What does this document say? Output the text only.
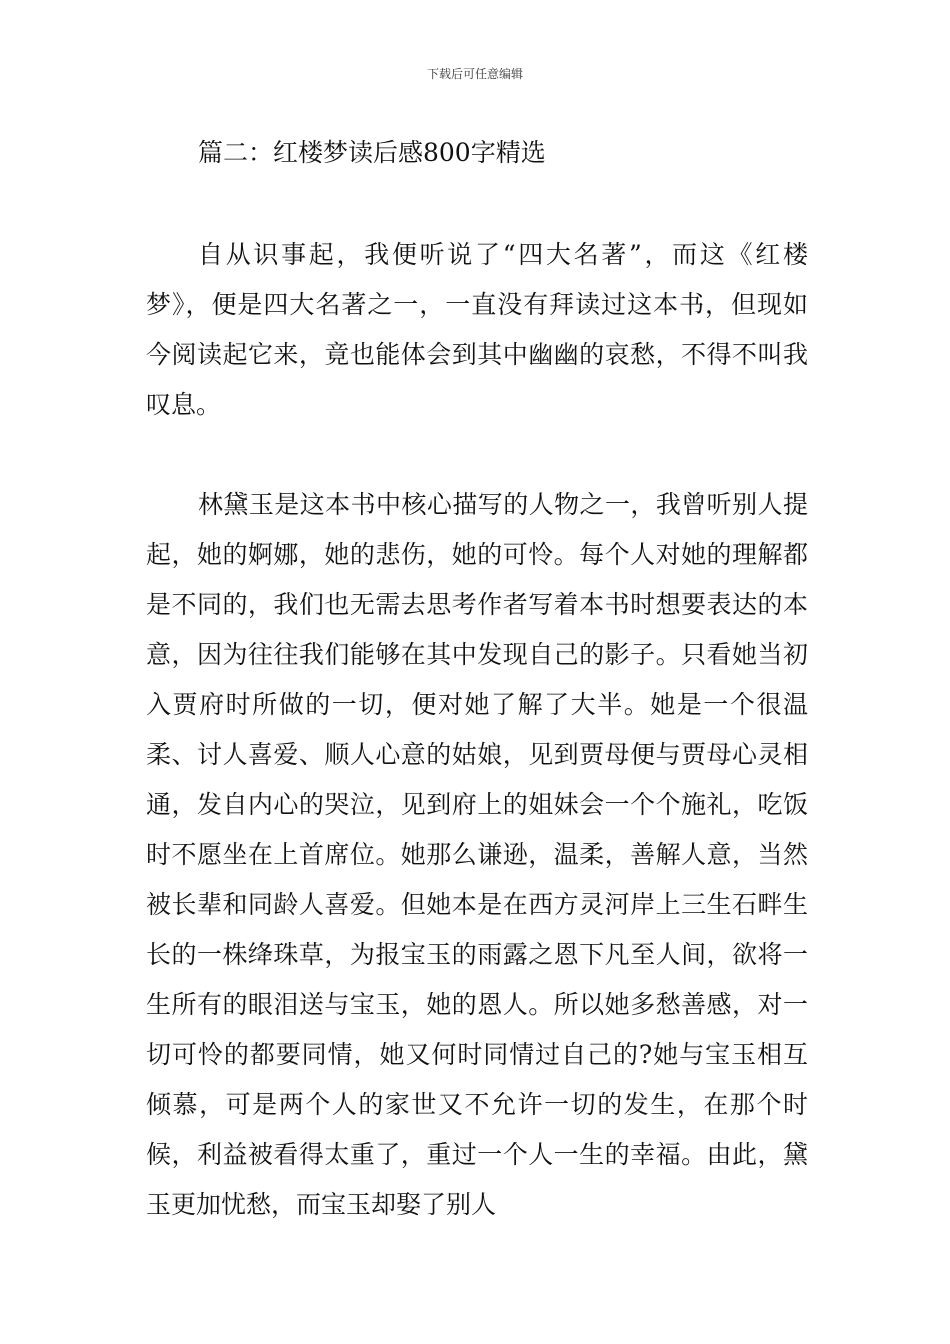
下载后可任意编辑
篇二：红楼梦读后感800字精选

自从识事起，我便听说了“四大名著”，而这《红楼梦》，便是四大名著之一，一直没有拜读过这本书，但现如今阅读起它来，竟也能体会到其中幽幽的哀愁，不得不叫我叹息。

林黛玉是这本书中核心描写的人物之一，我曾听别人提起，她的婀娜，她的悲伤，她的可怜。每个人对她的理解都是不同的，我们也无需去思考作者写着本书时想要表达的本意，因为往往我们能够在其中发现自己的影子。只看她当初入贾府时所做的一切，便对她了解了大半。她是一个很温柔、讨人喜爱、顺人心意的姑娘，见到贾母便与贾母心灵相通，发自内心的哭泣，见到府上的姐妹会一个个施礼，吃饭时不愿坐在上首席位。她那么谦逊，温柔，善解人意，当然被长辈和同龄人喜爱。但她本是在西方灵河岸上三生石畔生长的一株绛珠草，为报宝玉的雨露之恩下凡至人间，欲将一生所有的眼泪送与宝玉，她的恩人。所以她多愁善感，对一切可怜的都要同情，她又何时同情过自己的?她与宝玉相互倾慕，可是两个人的家世又不允许一切的发生，在那个时候，利益被看得太重了，重过一个人一生的幸福。由此，黛玉更加忧愁，而宝玉却娶了别人
